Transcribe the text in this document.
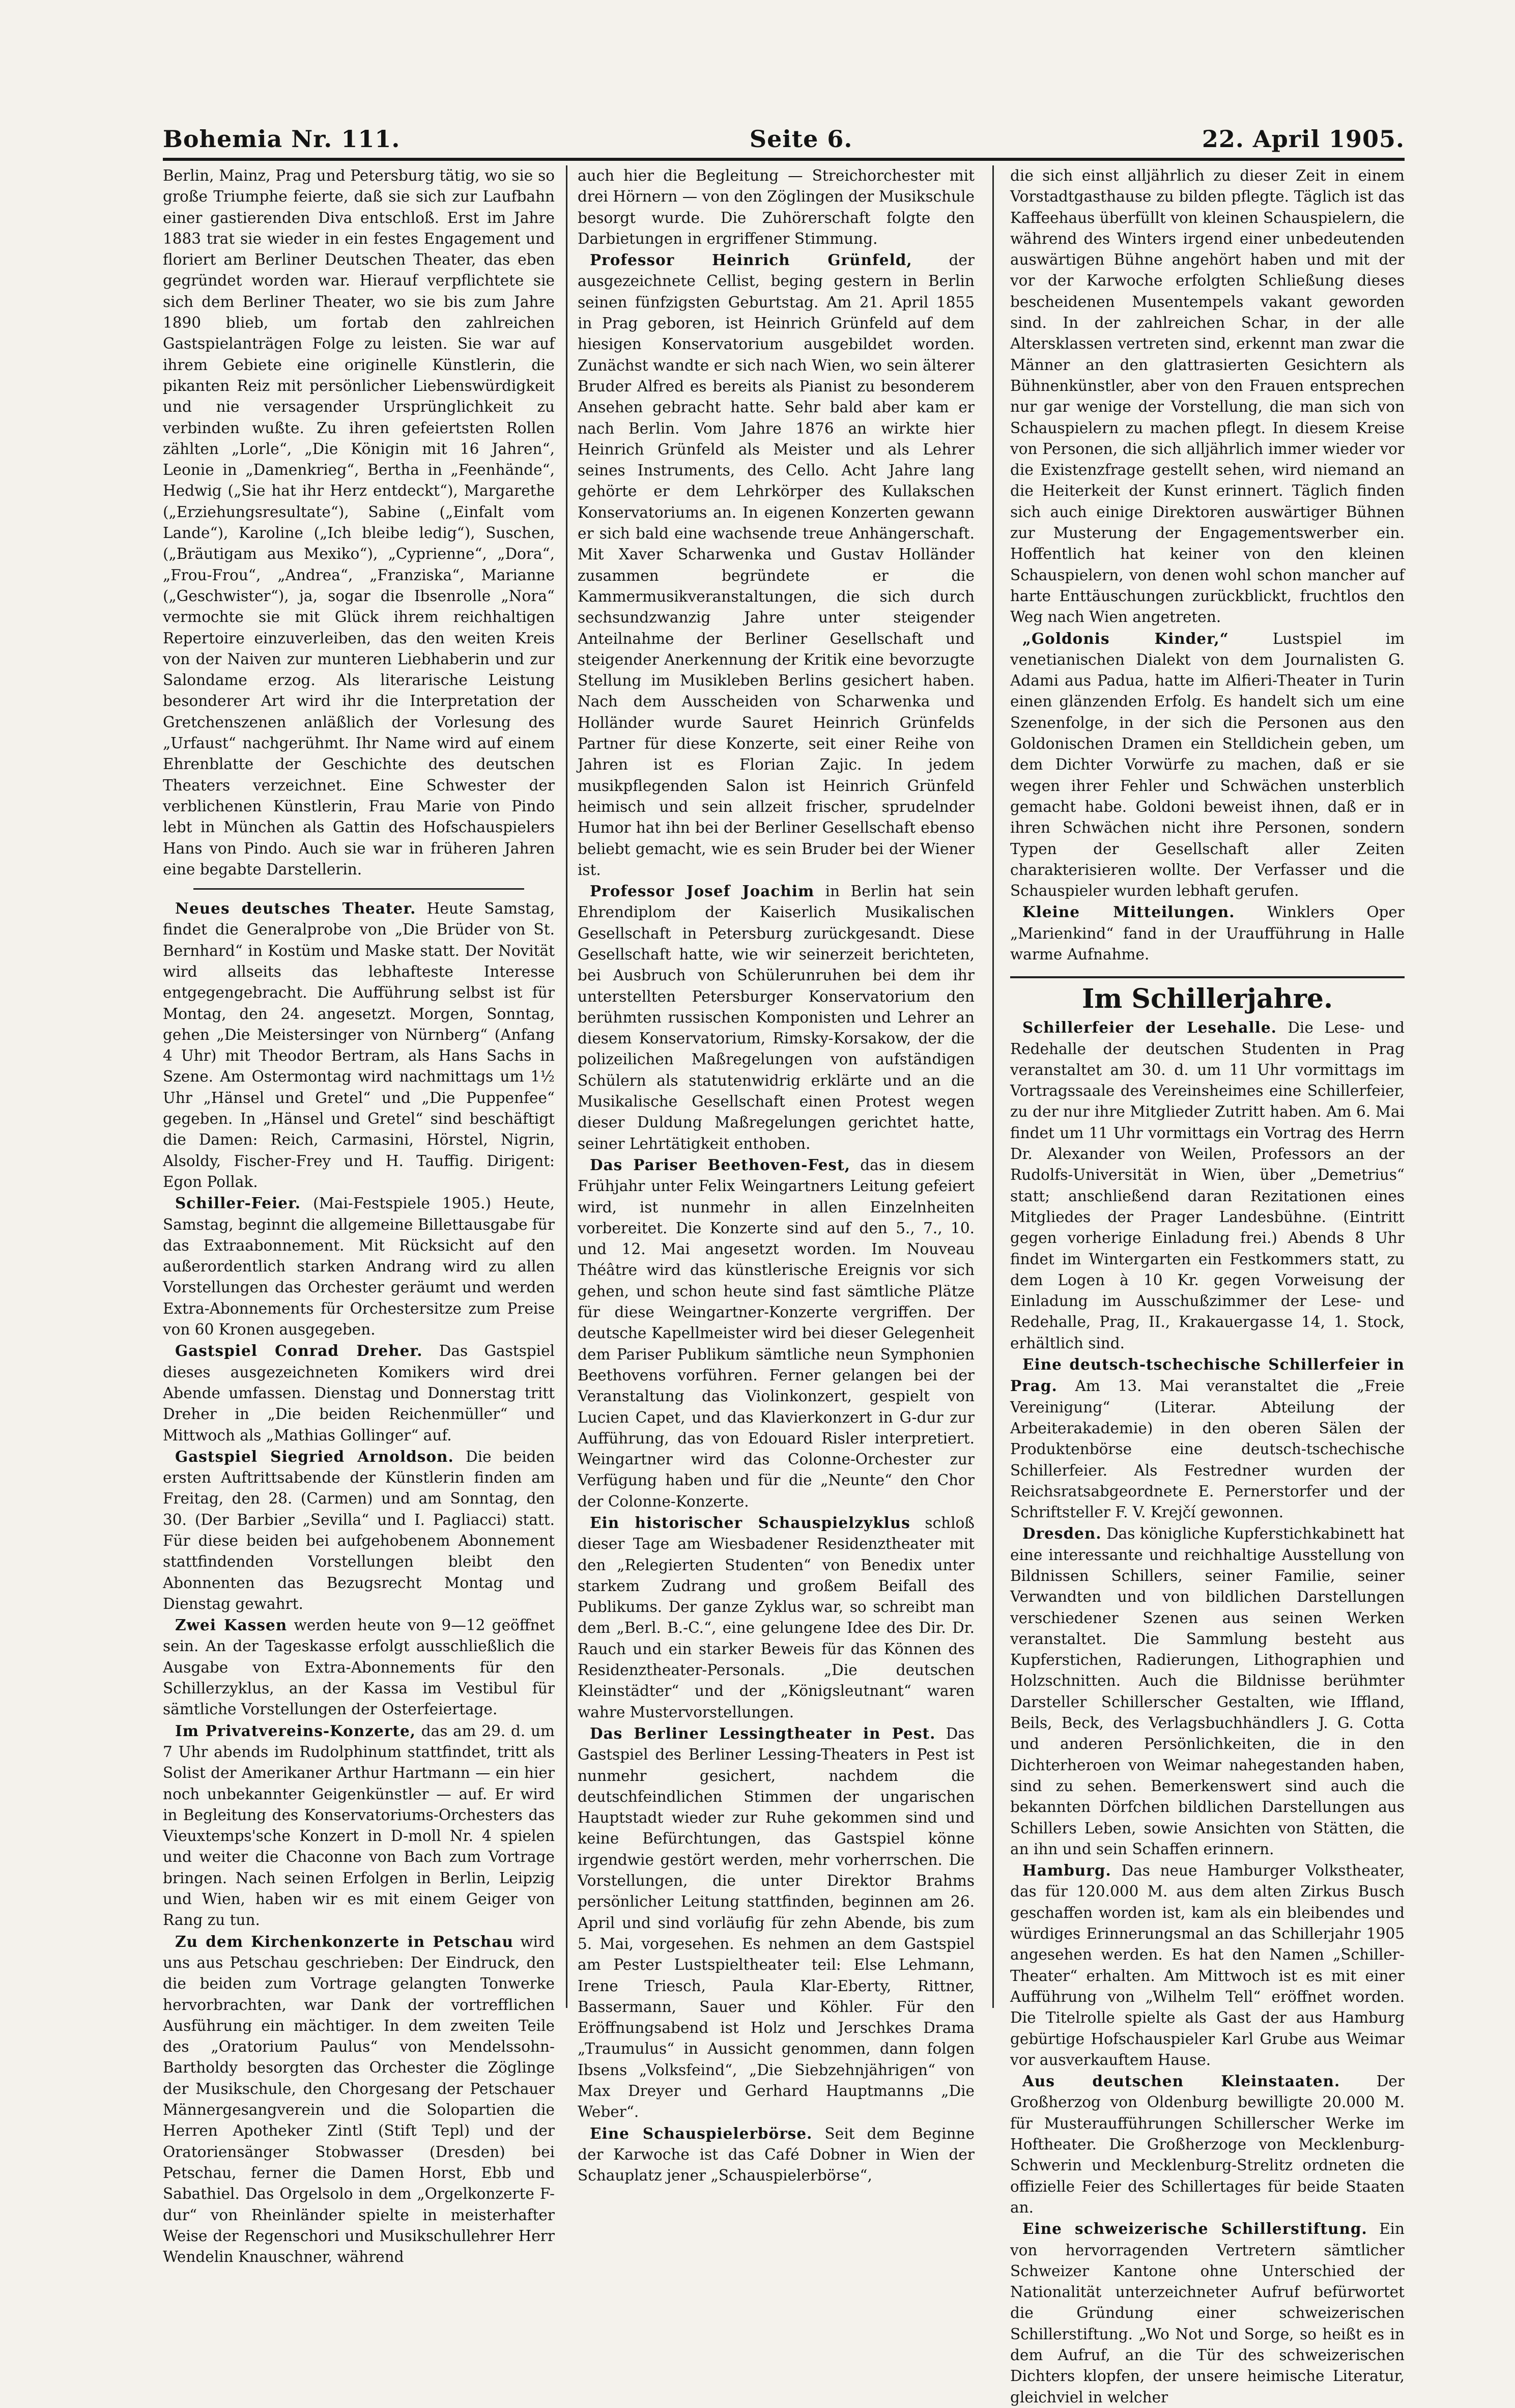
Bohemia Nr. 111.	Seite 6.	22. April 1905.

Berlin, Mainz, Prag und Petersburg tätig, wo sie so große Triumphe feierte, daß sie sich zur Laufbahn einer gastierenden Diva entschloß. Erst im Jahre 1883 trat sie wieder in ein festes Engagement und floriert am Berliner Deutschen Theater, das eben gegründet worden war. Hierauf verpflichtete sie sich dem Berliner Theater, wo sie bis zum Jahre 1890 blieb, um fortab den zahlreichen Gastspielanträgen Folge zu leisten. Sie war auf ihrem Gebiete eine originelle Künstlerin, die pikanten Reiz mit persönlicher Liebenswürdigkeit und nie versagender Ursprünglichkeit zu verbinden wußte. Zu ihren gefeiertsten Rollen zählten „Lorle“, „Die Königin mit 16 Jahren“, Leonie in „Damenkrieg“, Bertha in „Feenhände“, Hedwig („Sie hat ihr Herz entdeckt“), Margarethe („Erziehungsresultate“), Sabine („Einfalt vom Lande“), Karoline („Ich bleibe ledig“), Suschen, („Bräutigam aus Mexiko“), „Cyprienne“, „Dora“, „Frou-Frou“, „Andrea“, „Franziska“, Marianne („Geschwister“), ja, sogar die Ibsenrolle „Nora“ vermochte sie mit Glück ihrem reichhaltigen Repertoire einzuverleiben, das den weiten Kreis von der Naiven zur munteren Liebhaberin und zur Salondame erzog. Als literarische Leistung besonderer Art wird ihr die Interpretation der Gretchenszenen anläßlich der Vorlesung des „Urfaust“ nachgerühmt. Ihr Name wird auf einem Ehrenblatte der Geschichte des deutschen Theaters verzeichnet. Eine Schwester der verblichenen Künstlerin, Frau Marie von Pindo lebt in München als Gattin des Hofschauspielers Hans von Pindo. Auch sie war in früheren Jahren eine begabte Darstellerin.

Neues deutsches Theater. Heute Samstag, findet die Generalprobe von „Die Brüder von St. Bernhard“ in Kostüm und Maske statt. Der Novität wird allseits das lebhafteste Interesse entgegengebracht. Die Aufführung selbst ist für Montag, den 24. angesetzt. Morgen, Sonntag, gehen „Die Meistersinger von Nürnberg“ (Anfang 4 Uhr) mit Theodor Bertram, als Hans Sachs in Szene. Am Ostermontag wird nachmittags um 1½ Uhr „Hänsel und Gretel“ und „Die Puppenfee“ gegeben. In „Hänsel und Gretel“ sind beschäftigt die Damen: Reich, Carmasini, Hörstel, Nigrin, Alsoldy, Fischer-Frey und H. Tauffig. Dirigent: Egon Pollak.

Schiller-Feier. (Mai-Festspiele 1905.) Heute, Samstag, beginnt die allgemeine Billettausgabe für das Extraabonnement. Mit Rücksicht auf den außerordentlich starken Andrang wird zu allen Vorstellungen das Orchester geräumt und werden Extra-Abonnements für Orchestersitze zum Preise von 60 Kronen ausgegeben.

Gastspiel Conrad Dreher. Das Gastspiel dieses ausgezeichneten Komikers wird drei Abende umfassen. Dienstag und Donnerstag tritt Dreher in „Die beiden Reichenmüller“ und Mittwoch als „Mathias Gollinger“ auf.

Gastspiel Siegried Arnoldson. Die beiden ersten Auftrittsabende der Künstlerin finden am Freitag, den 28. (Carmen) und am Sonntag, den 30. (Der Barbier „Sevilla“ und I. Pagliacci) statt. Für diese beiden bei aufgehobenem Abonnement stattfindenden Vorstellungen bleibt den Abonnenten das Bezugsrecht Montag und Dienstag gewahrt.

Zwei Kassen werden heute von 9—12 geöffnet sein. An der Tageskasse erfolgt ausschließlich die Ausgabe von Extra-Abonnements für den Schillerzyklus, an der Kassa im Vestibul für sämtliche Vorstellungen der Osterfeiertage.

Im Privatvereins-Konzerte, das am 29. d. um 7 Uhr abends im Rudolphinum stattfindet, tritt als Solist der Amerikaner Arthur Hartmann — ein hier noch unbekannter Geigenkünstler — auf. Er wird in Begleitung des Konservatoriums-Orchesters das Vieuxtemps'sche Konzert in D-moll Nr. 4 spielen und weiter die Chaconne von Bach zum Vortrage bringen. Nach seinen Erfolgen in Berlin, Leipzig und Wien, haben wir es mit einem Geiger von Rang zu tun.

Zu dem Kirchenkonzerte in Petschau wird uns aus Petschau geschrieben: Der Eindruck, den die beiden zum Vortrage gelangten Tonwerke hervorbrachten, war Dank der vortrefflichen Ausführung ein mächtiger. In dem zweiten Teile des „Oratorium Paulus“ von Mendelssohn-Bartholdy besorgten das Orchester die Zöglinge der Musikschule, den Chorgesang der Petschauer Männergesangverein und die Solopartien die Herren Apotheker Zintl (Stift Tepl) und der Oratoriensänger Stobwasser (Dresden) bei Petschau, ferner die Damen Horst, Ebb und Sabathiel. Das Orgelsolo in dem „Orgelkonzerte F-dur“ von Rheinländer spielte in meisterhafter Weise der Regenschori und Musikschullehrer Herr Wendelin Knauschner, während

auch hier die Begleitung — Streichorchester mit drei Hörnern — von den Zöglingen der Musikschule besorgt wurde. Die Zuhörerschaft folgte den Darbietungen in ergriffener Stimmung.

Professor Heinrich Grünfeld, der ausgezeichnete Cellist, beging gestern in Berlin seinen fünfzigsten Geburtstag. Am 21. April 1855 in Prag geboren, ist Heinrich Grünfeld auf dem hiesigen Konservatorium ausgebildet worden. Zunächst wandte er sich nach Wien, wo sein älterer Bruder Alfred es bereits als Pianist zu besonderem Ansehen gebracht hatte. Sehr bald aber kam er nach Berlin. Vom Jahre 1876 an wirkte hier Heinrich Grünfeld als Meister und als Lehrer seines Instruments, des Cello. Acht Jahre lang gehörte er dem Lehrkörper des Kullakschen Konservatoriums an. In eigenen Konzerten gewann er sich bald eine wachsende treue Anhängerschaft. Mit Xaver Scharwenka und Gustav Holländer zusammen begründete er die Kammermusikveranstaltungen, die sich durch sechsundzwanzig Jahre unter steigender Anteilnahme der Berliner Gesellschaft und steigender Anerkennung der Kritik eine bevorzugte Stellung im Musikleben Berlins gesichert haben. Nach dem Ausscheiden von Scharwenka und Holländer wurde Sauret Heinrich Grünfelds Partner für diese Konzerte, seit einer Reihe von Jahren ist es Florian Zajic. In jedem musikpflegenden Salon ist Heinrich Grünfeld heimisch und sein allzeit frischer, sprudelnder Humor hat ihn bei der Berliner Gesellschaft ebenso beliebt gemacht, wie es sein Bruder bei der Wiener ist.

Professor Josef Joachim in Berlin hat sein Ehrendiplom der Kaiserlich Musikalischen Gesellschaft in Petersburg zurückgesandt. Diese Gesellschaft hatte, wie wir seinerzeit berichteten, bei Ausbruch von Schülerunruhen bei dem ihr unterstellten Petersburger Konservatorium den berühmten russischen Komponisten und Lehrer an diesem Konservatorium, Rimsky-Korsakow, der die polizeilichen Maßregelungen von aufständigen Schülern als statutenwidrig erklärte und an die Musikalische Gesellschaft einen Protest wegen dieser Duldung Maßregelungen gerichtet hatte, seiner Lehrtätigkeit enthoben.

Das Pariser Beethoven-Fest, das in diesem Frühjahr unter Felix Weingartners Leitung gefeiert wird, ist nunmehr in allen Einzelnheiten vorbereitet. Die Konzerte sind auf den 5., 7., 10. und 12. Mai angesetzt worden. Im Nouveau Théâtre wird das künstlerische Ereignis vor sich gehen, und schon heute sind fast sämtliche Plätze für diese Weingartner-Konzerte vergriffen. Der deutsche Kapellmeister wird bei dieser Gelegenheit dem Pariser Publikum sämtliche neun Symphonien Beethovens vorführen. Ferner gelangen bei der Veranstaltung das Violinkonzert, gespielt von Lucien Capet, und das Klavierkonzert in G-dur zur Aufführung, das von Edouard Risler interpretiert. Weingartner wird das Colonne-Orchester zur Verfügung haben und für die „Neunte“ den Chor der Colonne-Konzerte.

Ein historischer Schauspielzyklus schloß dieser Tage am Wiesbadener Residenztheater mit den „Relegierten Studenten“ von Benedix unter starkem Zudrang und großem Beifall des Publikums. Der ganze Zyklus war, so schreibt man dem „Berl. B.-C.“, eine gelungene Idee des Dir. Dr. Rauch und ein starker Beweis für das Können des Residenztheater-Personals. „Die deutschen Kleinstädter“ und der „Königsleutnant“ waren wahre Mustervorstellungen.

Das Berliner Lessingtheater in Pest. Das Gastspiel des Berliner Lessing-Theaters in Pest ist nunmehr gesichert, nachdem die deutschfeindlichen Stimmen der ungarischen Hauptstadt wieder zur Ruhe gekommen sind und keine Befürchtungen, das Gastspiel könne irgendwie gestört werden, mehr vorherrschen. Die Vorstellungen, die unter Direktor Brahms persönlicher Leitung stattfinden, beginnen am 26. April und sind vorläufig für zehn Abende, bis zum 5. Mai, vorgesehen. Es nehmen an dem Gastspiel am Pester Lustspieltheater teil: Else Lehmann, Irene Triesch, Paula Klar-Eberty, Rittner, Bassermann, Sauer und Köhler. Für den Eröffnungsabend ist Holz und Jerschkes Drama „Traumulus“ in Aussicht genommen, dann folgen Ibsens „Volksfeind“, „Die Siebzehnjährigen“ von Max Dreyer und Gerhard Hauptmanns „Die Weber“.

Eine Schauspielerbörse. Seit dem Beginne der Karwoche ist das Café Dobner in Wien der Schauplatz jener „Schauspielerbörse“,

die sich einst alljährlich zu dieser Zeit in einem Vorstadtgasthause zu bilden pflegte. Täglich ist das Kaffeehaus überfüllt von kleinen Schauspielern, die während des Winters irgend einer unbedeutenden auswärtigen Bühne angehört haben und mit der vor der Karwoche erfolgten Schließung dieses bescheidenen Musentempels vakant geworden sind. In der zahlreichen Schar, in der alle Altersklassen vertreten sind, erkennt man zwar die Männer an den glattrasierten Gesichtern als Bühnenkünstler, aber von den Frauen entsprechen nur gar wenige der Vorstellung, die man sich von Schauspielern zu machen pflegt. In diesem Kreise von Personen, die sich alljährlich immer wieder vor die Existenzfrage gestellt sehen, wird niemand an die Heiterkeit der Kunst erinnert. Täglich finden sich auch einige Direktoren auswärtiger Bühnen zur Musterung der Engagementswerber ein. Hoffentlich hat keiner von den kleinen Schauspielern, von denen wohl schon mancher auf harte Enttäuschungen zurückblickt, fruchtlos den Weg nach Wien angetreten.

„Goldonis Kinder,“ Lustspiel im venetianischen Dialekt von dem Journalisten G. Adami aus Padua, hatte im Alfieri-Theater in Turin einen glänzenden Erfolg. Es handelt sich um eine Szenenfolge, in der sich die Personen aus den Goldonischen Dramen ein Stelldichein geben, um dem Dichter Vorwürfe zu machen, daß er sie wegen ihrer Fehler und Schwächen unsterblich gemacht habe. Goldoni beweist ihnen, daß er in ihren Schwächen nicht ihre Personen, sondern Typen der Gesellschaft aller Zeiten charakterisieren wollte. Der Verfasser und die Schauspieler wurden lebhaft gerufen.

Kleine Mitteilungen. Winklers Oper „Marienkind“ fand in der Uraufführung in Halle warme Aufnahme.

Im Schillerjahre.

Schillerfeier der Lesehalle. Die Lese- und Redehalle der deutschen Studenten in Prag veranstaltet am 30. d. um 11 Uhr vormittags im Vortragssaale des Vereinsheimes eine Schillerfeier, zu der nur ihre Mitglieder Zutritt haben. Am 6. Mai findet um 11 Uhr vormittags ein Vortrag des Herrn Dr. Alexander von Weilen, Professors an der Rudolfs-Universität in Wien, über „Demetrius“ statt; anschließend daran Rezitationen eines Mitgliedes der Prager Landesbühne. (Eintritt gegen vorherige Einladung frei.) Abends 8 Uhr findet im Wintergarten ein Festkommers statt, zu dem Logen à 10 Kr. gegen Vorweisung der Einladung im Ausschußzimmer der Lese- und Redehalle, Prag, II., Krakauergasse 14, 1. Stock, erhältlich sind.

Eine deutsch-tschechische Schillerfeier in Prag. Am 13. Mai veranstaltet die „Freie Vereinigung“ (Literar. Abteilung der Arbeiterakademie) in den oberen Sälen der Produktenbörse eine deutsch-tschechische Schillerfeier. Als Festredner wurden der Reichsratsabgeordnete E. Pernerstorfer und der Schriftsteller F. V. Krejčí gewonnen.

Dresden. Das königliche Kupferstichkabinett hat eine interessante und reichhaltige Ausstellung von Bildnissen Schillers, seiner Familie, seiner Verwandten und von bildlichen Darstellungen verschiedener Szenen aus seinen Werken veranstaltet. Die Sammlung besteht aus Kupferstichen, Radierungen, Lithographien und Holzschnitten. Auch die Bildnisse berühmter Darsteller Schillerscher Gestalten, wie Iffland, Beils, Beck, des Verlagsbuchhändlers J. G. Cotta und anderen Persönlichkeiten, die in den Dichterheroen von Weimar nahegestanden haben, sind zu sehen. Bemerkenswert sind auch die bekannten Dörfchen bildlichen Darstellungen aus Schillers Leben, sowie Ansichten von Stätten, die an ihn und sein Schaffen erinnern.

Hamburg. Das neue Hamburger Volkstheater, das für 120.000 M. aus dem alten Zirkus Busch geschaffen worden ist, kam als ein bleibendes und würdiges Erinnerungsmal an das Schillerjahr 1905 angesehen werden. Es hat den Namen „Schiller-Theater“ erhalten. Am Mittwoch ist es mit einer Aufführung von „Wilhelm Tell“ eröffnet worden. Die Titelrolle spielte als Gast der aus Hamburg gebürtige Hofschauspieler Karl Grube aus Weimar vor ausverkauftem Hause.

Aus deutschen Kleinstaaten. Der Großherzog von Oldenburg bewilligte 20.000 M. für Musteraufführungen Schillerscher Werke im Hoftheater. Die Großherzoge von Mecklenburg-Schwerin und Mecklenburg-Strelitz ordneten die offizielle Feier des Schillertages für beide Staaten an.

Eine schweizerische Schillerstiftung. Ein von hervorragenden Vertretern sämtlicher Schweizer Kantone ohne Unterschied der Nationalität unterzeichneter Aufruf befürwortet die Gründung einer schweizerischen Schillerstiftung. „Wo Not und Sorge, so heißt es in dem Aufruf, an die Tür des schweizerischen Dichters klopfen, der unsere heimische Literatur, gleichviel in welcher
